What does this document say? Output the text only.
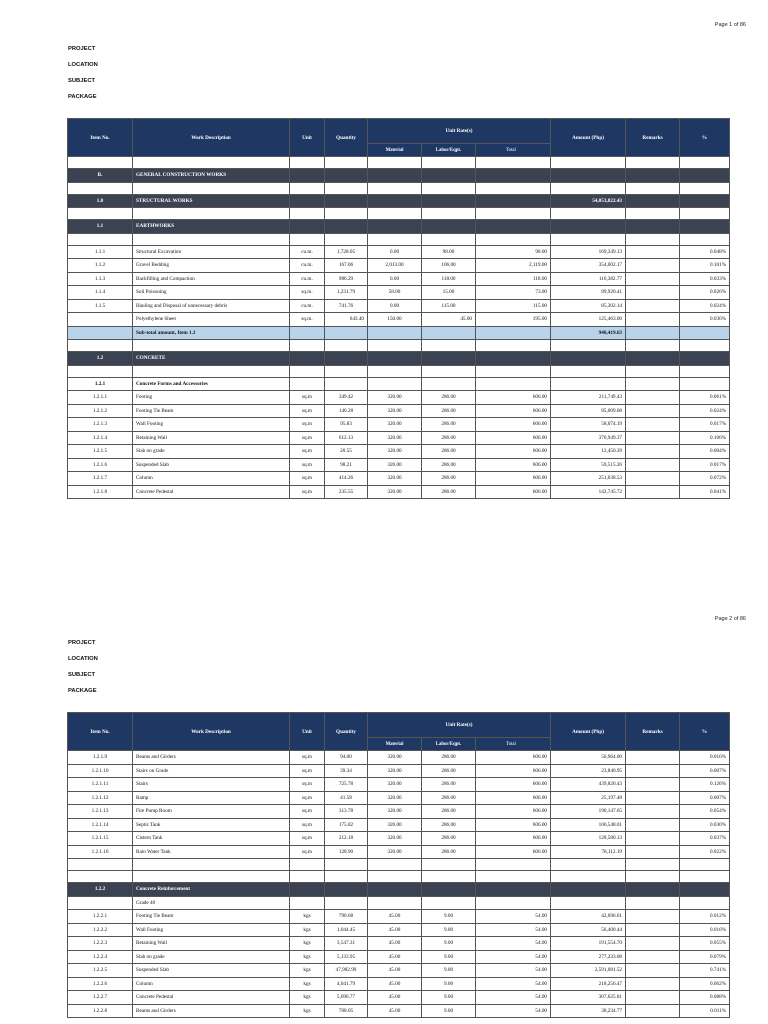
Page 1 of 86
PROJECT
LOCATION
SUBJECT
PACKAGE
Item No.	Work Description	Unit	Quantity	Unit Rate(s)			Amount (Php)	Remarks	%
				Material	Labor/Eqpt.	Total			

B.	GENERAL CONSTRUCTION WORKS								

1.0	STRUCTURAL WORKS						54,053,822.43		

1.1	EARTHWORKS								

1.1.1	Structural Excavation	cu.m.	1,728.05	0.00	98.00	98.00	169,349.13		0.048%
1.1.2	Gravel Bedding	cu.m.	167.06	2,013.00	106.00	2,119.00	354,002.17		0.101%
1.1.3	Backfilling and Compaction	cu.m.	986.29	0.00	118.00	118.00	116,382.77		0.033%
1.1.4	Soil Poisoning	sq.m.	1,231.79	58.00	15.00	73.00	89,920.41		0.026%
1.1.5	Hauling and Disposal of unnecessary debris	cu.m.	741.76	0.00	115.00	115.00	85,302.14		0.024%
	Polyethylene Sheet	sq.m.	643.40	150.00	45.00	195.00	125,463.00		0.036%
	Sub-total amount, Item 1.1						940,419.63		

1.2	CONCRETE								

1.2.1	Concrete Forms and Accessories								
1.2.1.1	Footing	sq.m	349.42	320.00	286.00	606.00	211,749.43		0.061%
1.2.1.2	Footing Tie Beam	sq.m	140.28	320.00	286.00	606.00	85,009.68		0.024%
1.2.1.3	Wall Footing	sq.m	95.83	320.00	286.00	606.00	58,074.19		0.017%
1.2.1.4	Retaining Wall	sq.m	612.13	320.00	286.00	606.00	370,949.37		0.106%
1.2.1.5	Slab on grade	sq.m	20.55	320.00	286.00	606.00	12,450.39		0.004%
1.2.1.6	Suspended Slab	sq.m	98.21	320.00	286.00	606.00	59,515.26		0.017%
1.2.1.7	Column	sq.m	414.26	320.00	286.00	606.00	251,038.53		0.072%
1.2.1.8	Concrete Pedestal	sq.m	235.55	320.00	286.00	606.00	142,745.72		0.041%
Page 2 of 86
PROJECT
LOCATION
SUBJECT
PACKAGE
Item No.	Work Description	Unit	Quantity	Unit Rate(s)			Amount (Php)	Remarks	%
				Material	Labor/Eqpt.	Total			
1.2.1.9	Beams and Girders	sq.m	94.00	320.00	286.00	606.00	56,964.00		0.016%
1.2.1.10	Stairs on Grade	sq.m	39.34	320.00	286.00	606.00	23,840.95		0.007%
1.2.1.11	Stairs	sq.m	725.78	320.00	286.00	606.00	439,820.43		0.126%
1.2.1.12	Ramp	sq.m	41.58	320.00	286.00	606.00	25,197.48		0.007%
1.2.1.13	Fire Pump Room	sq.m	313.78	320.00	286.00	606.00	190,147.65		0.054%
1.2.1.14	Septic Tank	sq.m	175.82	320.00	286.00	606.00	106,548.01		0.030%
1.2.1.15	Cistern Tank	sq.m	212.18	320.00	286.00	606.00	128,580.13		0.037%
1.2.1.16	Rain Water Tank	sq.m	128.90	320.00	286.00	606.00	78,112.19		0.022%

1.2.2	Concrete Reinforcement								
	Grade 40								
1.2.2.1	Footing Tie Beam	kgs	790.68	45.00	9.00	54.00	42,696.61		0.012%
1.2.2.2	Wall Footing	kgs	1,044.45	45.00	9.00	54.00	56,400.44		0.016%
1.2.2.3	Retaining Wall	kgs	3,547.31	45.00	9.00	54.00	191,554.70		0.055%
1.2.2.4	Slab on grade	kgs	5,133.95	45.00	9.00	54.00	277,233.08		0.079%
1.2.2.5	Suspended Slab	kgs	47,982.99	45.00	9.00	54.00	2,591,081.52		0.741%
1.2.2.6	Column	kgs	4,041.79	45.00	9.00	54.00	218,256.47		0.062%
1.2.2.7	Concrete Pedestal	kgs	5,696.77	45.00	9.00	54.00	307,625.81		0.088%
1.2.2.8	Beams and Girders	kgs	708.05	45.00	9.00	54.00	38,234.77		0.011%
